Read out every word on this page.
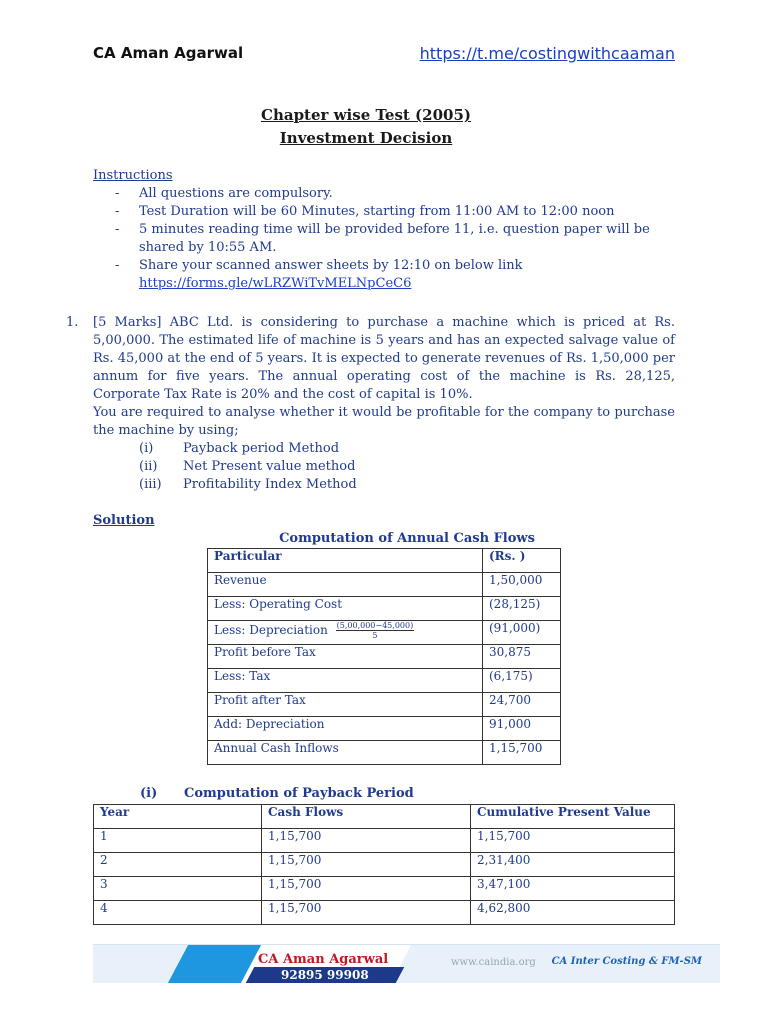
CA Aman Agarwal	https://t.me/costingwithcaaman
Chapter wise Test (2005)
Investment Decision
Instructions
- All questions are compulsory.
- Test Duration will be 60 Minutes, starting from 11:00 AM to 12:00 noon
- 5 minutes reading time will be provided before 11, i.e. question paper will be shared by 10:55 AM.
- Share your scanned answer sheets by 12:10 on below link
https://forms.gle/wLRZWiTvMELNpCeC6
1. [5 Marks] ABC Ltd. is considering to purchase a machine which is priced at Rs. 5,00,000. The estimated life of machine is 5 years and has an expected salvage value of Rs. 45,000 at the end of 5 years. It is expected to generate revenues of Rs. 1,50,000 per annum for five years. The annual operating cost of the machine is Rs. 28,125, Corporate Tax Rate is 20% and the cost of capital is 10%.
You are required to analyse whether it would be profitable for the company to purchase the machine by using;
(i)	Payback period Method
(ii)	Net Present value method
(iii)	Profitability Index Method
Solution
Computation of Annual Cash Flows
Particular	(Rs. )
Revenue	1,50,000
Less: Operating Cost	(28,125)
Less: Depreciation $\frac{(5,00,000-45,000)}{5}$	(91,000)
Profit before Tax	30,875
Less: Tax	(6,175)
Profit after Tax	24,700
Add: Depreciation	91,000
Annual Cash Inflows	1,15,700
(i) Computation of Payback Period
Year	Cash Flows	Cumulative Present Value
1	1,15,700	1,15,700
2	1,15,700	2,31,400
3	1,15,700	3,47,100
4	1,15,700	4,62,800
CA Aman Agarwal
92895 99908
www.caindia.org CA Inter Costing & FM-SM
